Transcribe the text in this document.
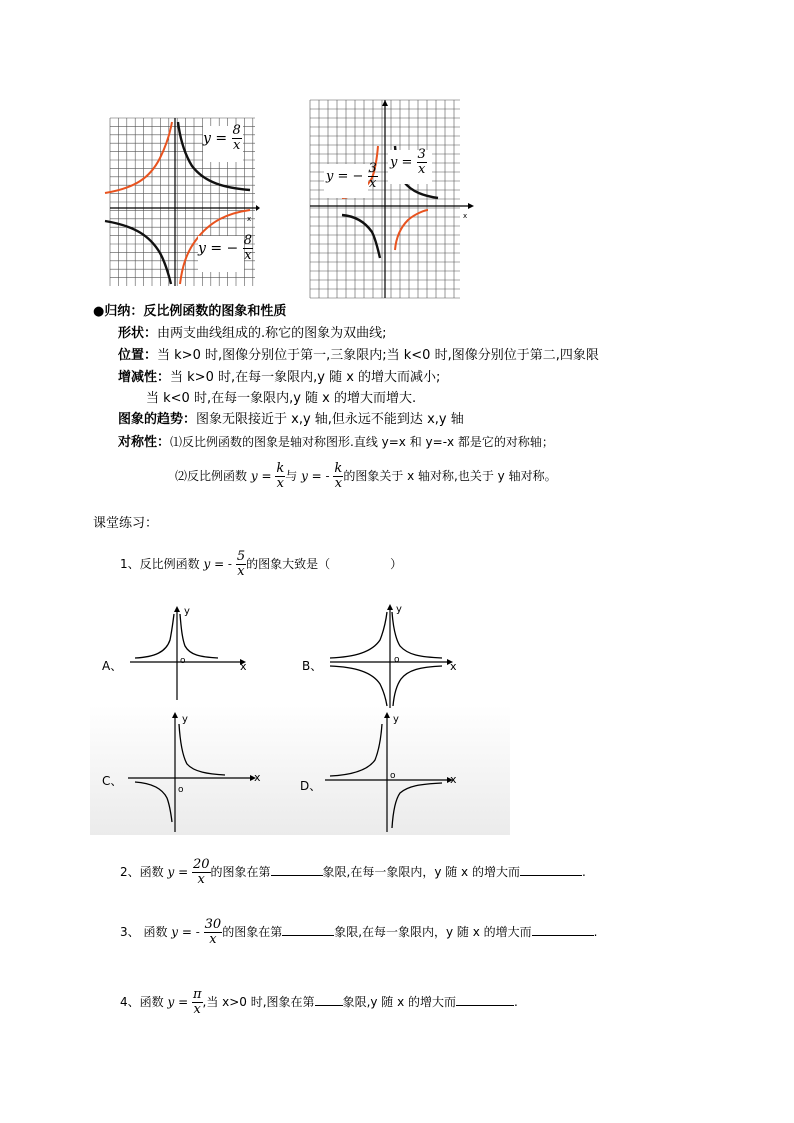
x
$y = \frac{8}{x}$
y = − $\frac{8}{x}$
x
y = − $\frac{3}{x}$ $y = \frac{3}{x}$
●归纳：反比例函数的图象和性质
形状：由两支曲线组成的.称它的图象为双曲线;
位置：当 k>0 时,图像分别位于第一,三象限内;当 k<0 时,图像分别位于第二,四象限
增减性：当 k>0 时,在每一象限内,y 随 x 的增大而减小;
当 k<0 时,在每一象限内,y 随 x 的增大而增大.
图象的趋势：图象无限接近于 x,y 轴,但永远不能到达 x,y 轴
对称性：⑴反比例函数的图象是轴对称图形.直线 y=x 和 y=-x 都是它的对称轴；
⑵反比例函数 $y = \frac{k}{x}$ 与 y = - $\frac{k}{x}$ 的图象关于 x 轴对称,也关于 y 轴对称。
课堂练习：
1、反比例函数 y = - $\frac{5}{x}$ 的图象大致是（　　　　　）
A、
y
x
o	B、
y
x
o
C、
y
x
o	D、
y
x
o
2、函数 $y = \frac{20}{x}$ 的图象在第	象限,在每一象限内，y 随 x 的增大而	.
3、 函数 y = - $\frac{30}{x}$ 的图象在第	象限,在每一象限内，y 随 x 的增大而	.
4、函数 $y = \frac{\pi}{x}$ ,当 x>0 时,图象在第 象限,y 随 x 的增大而	.
